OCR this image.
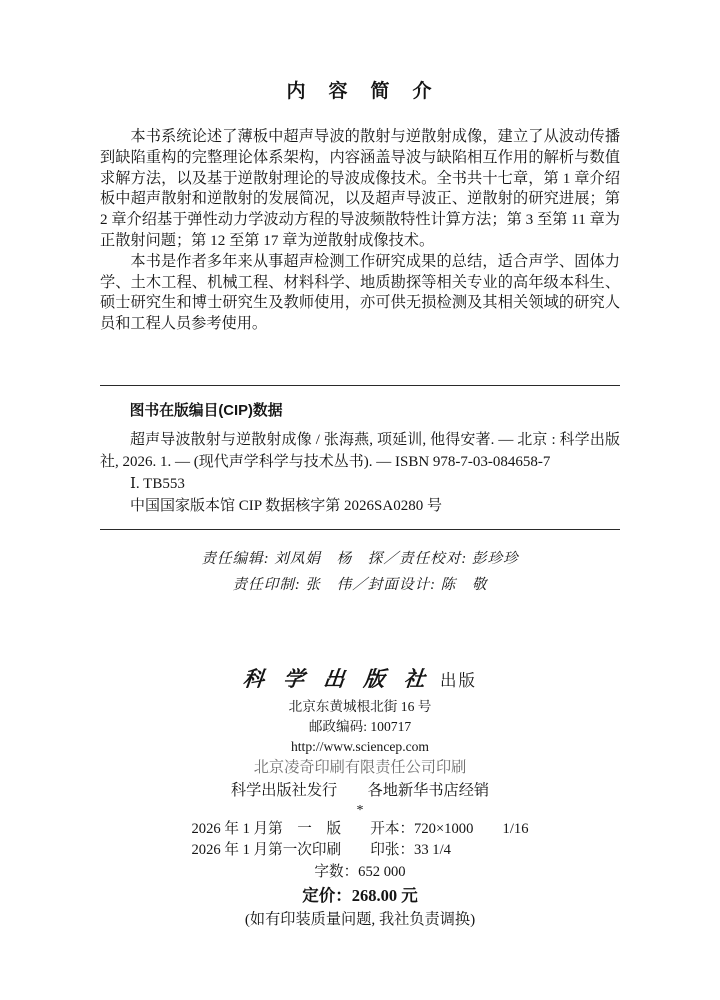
内　容　简　介

本书系统论述了薄板中超声导波的散射与逆散射成像，建立了从波动传播到缺陷重构的完整理论体系架构，内容涵盖导波与缺陷相互作用的解析与数值求解方法，以及基于逆散射理论的导波成像技术。全书共十七章，第 1 章介绍板中超声散射和逆散射的发展简况，以及超声导波正、逆散射的研究进展；第 2 章介绍基于弹性动力学波动方程的导波频散特性计算方法；第 3 至第 11 章为正散射问题；第 12 至第 17 章为逆散射成像技术。

本书是作者多年来从事超声检测工作研究成果的总结，适合声学、固体力学、土木工程、机械工程、材料科学、地质勘探等相关专业的高年级本科生、硕士研究生和博士研究生及教师使用，亦可供无损检测及其相关领域的研究人员和工程人员参考使用。

图书在版编目(CIP)数据
超声导波散射与逆散射成像 / 张海燕, 项延训, 他得安著. — 北京 : 科学出版社, 2026. 1. — (现代声学科学与技术丛书). — ISBN 978-7-03-084658-7
Ⅰ. TB553
中国国家版本馆 CIP 数据核字第 2026SA0280 号
责任编辑: 刘凤娟　杨　探／责任校对: 彭珍珍
责任印制: 张　伟／封面设计: 陈　敬
科 学 出 版 社 出版
北京东黄城根北街 16 号
邮政编码: 100717
http://www.sciencep.com
北京凌奇印刷有限责任公司印刷
科学出版社发行　　各地新华书店经销
*
2026 年 1 月第　一　版　　开本：720×1000　　1/16
2026 年 1 月第一次印刷　　印张：33 1/4
字数：652 000
定价：268.00 元
(如有印装质量问题, 我社负责调换)
